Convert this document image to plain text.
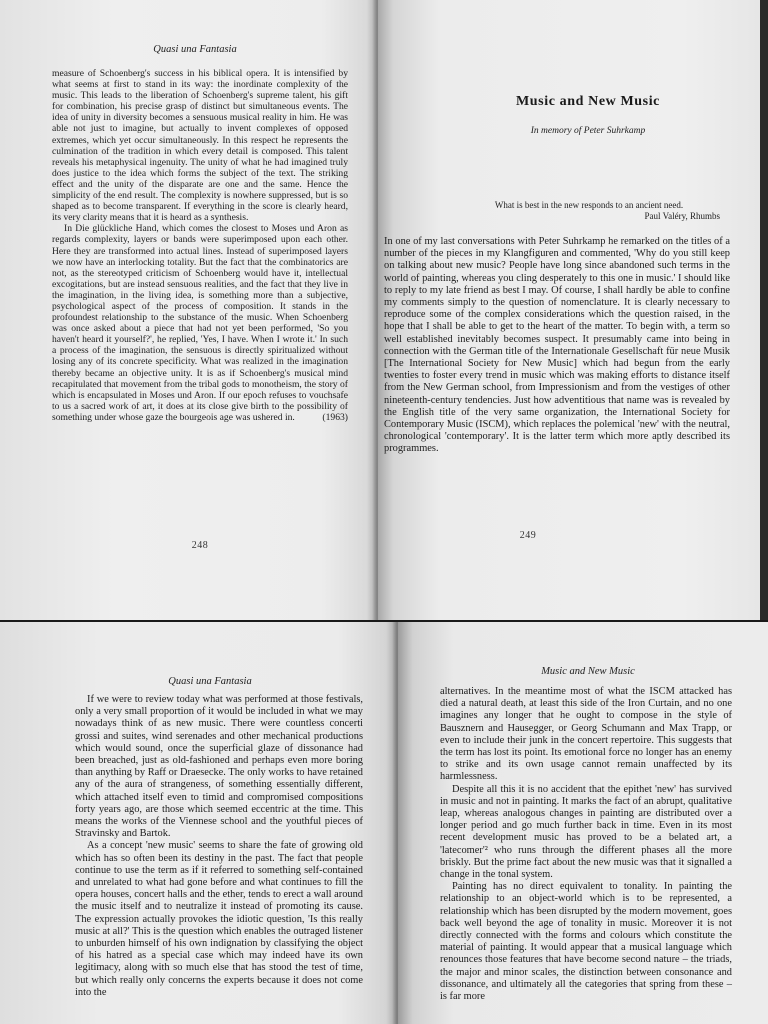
Quasi una Fantasia

measure of Schoenberg's success in his biblical opera. It is intensified by what seems at first to stand in its way: the inordinate complexity of the music. This leads to the liberation of Schoenberg's supreme talent, his gift for combination, his precise grasp of distinct but simultaneous events. The idea of unity in diversity becomes a sensuous musical reality in him. He was able not just to imagine, but actually to invent complexes of opposed extremes, which yet occur simultaneously. In this respect he represents the culmination of the tradition in which every detail is composed. This talent reveals his metaphysical ingenuity. The unity of what he had imagined truly does justice to the idea which forms the subject of the text. The striking effect and the unity of the disparate are one and the same. Hence the simplicity of the end result. The complexity is nowhere suppressed, but is so shaped as to become transparent. If everything in the score is clearly heard, its very clarity means that it is heard as a synthesis.

In Die glückliche Hand, which comes the closest to Moses und Aron as regards complexity, layers or bands were superimposed upon each other. Here they are transformed into actual lines. Instead of superimposed layers we now have an interlocking totality. But the fact that the combinatorics are not, as the stereotyped criticism of Schoenberg would have it, intellectual excogitations, but are instead sensuous realities, and the fact that they live in the imagination, in the living idea, is something more than a subjective, psychological aspect of the process of composition. It stands in the profoundest relationship to the substance of the music. When Schoenberg was once asked about a piece that had not yet been performed, 'So you haven't heard it yourself?', he replied, 'Yes, I have. When I wrote it.' In such a process of the imagination, the sensuous is directly spiritualized without losing any of its concrete specificity. What was realized in the imagination thereby became an objective unity. It is as if Schoenberg's musical mind recapitulated that movement from the tribal gods to monotheism, the story of which is encapsulated in Moses und Aron. If our epoch refuses to vouchsafe to us a sacred work of art, it does at its close give birth to the possibility of something under whose gaze the bourgeois age was ushered in.	(1963)

248
Music and New Music
In memory of Peter Suhrkamp
What is best in the new responds to an ancient need.
Paul Valéry, Rhumbs

In one of my last conversations with Peter Suhrkamp he remarked on the titles of a number of the pieces in my Klangfiguren and commented, 'Why do you still keep on talking about new music? People have long since abandoned such terms in the world of painting, whereas you cling desperately to this one in music.' I should like to reply to my late friend as best I may. Of course, I shall hardly be able to confine my comments simply to the question of nomenclature. It is clearly necessary to reproduce some of the complex considerations which the question raised, in the hope that I shall be able to get to the heart of the matter. To begin with, a term so well established inevitably becomes suspect. It presumably came into being in connection with the German title of the Internationale Gesellschaft für neue Musik [The International Society for New Music] which had begun from the early twenties to foster every trend in music which was making efforts to distance itself from the New German school, from Impressionism and from the vestiges of other nineteenth-century tendencies. Just how adventitious that name was is revealed by the English title of the very same organization, the International Society for Contemporary Music (ISCM), which replaces the polemical 'new' with the neutral, chronological 'contemporary'. It is the latter term which more aptly described its programmes.

249
Quasi una Fantasia

If we were to review today what was performed at those festivals, only a very small proportion of it would be included in what we may nowadays think of as new music. There were countless concerti grossi and suites, wind serenades and other mechanical productions which would sound, once the superficial glaze of dissonance had been breached, just as old-fashioned and perhaps even more boring than anything by Raff or Draesecke. The only works to have retained any of the aura of strangeness, of something essentially different, which attached itself even to timid and compromised compositions forty years ago, are those which seemed eccentric at the time. This means the works of the Viennese school and the youthful pieces of Stravinsky and Bartok.

As a concept 'new music' seems to share the fate of growing old which has so often been its destiny in the past. The fact that people continue to use the term as if it referred to something self-contained and unrelated to what had gone before and what continues to fill the opera houses, concert halls and the ether, tends to erect a wall around the music itself and to neutralize it instead of promoting its cause. The expression actually provokes the idiotic question, 'Is this really music at all?' This is the question which enables the outraged listener to unburden himself of his own indignation by classifying the object of his hatred as a special case which may indeed have its own legitimacy, along with so much else that has stood the test of time, but which really only concerns the experts because it does not come into the

Music and New Music

alternatives. In the meantime most of what the ISCM attacked has died a natural death, at least this side of the Iron Curtain, and no one imagines any longer that he ought to compose in the style of Bausznern and Hausegger, or Georg Schumann and Max Trapp, or even to include their junk in the concert repertoire. This suggests that the term has lost its point. Its emotional force no longer has an enemy to strike and its own usage cannot remain unaffected by its harmlessness.

Despite all this it is no accident that the epithet 'new' has survived in music and not in painting. It marks the fact of an abrupt, qualitative leap, whereas analogous changes in painting are distributed over a longer period and go much further back in time. Even in its most recent development music has proved to be a belated art, a 'latecomer'² who runs through the different phases all the more briskly. But the prime fact about the new music was that it signalled a change in the tonal system.

Painting has no direct equivalent to tonality. In painting the relationship to an object-world which is to be represented, a relationship which has been disrupted by the modern movement, goes back well beyond the age of tonality in music. Moreover it is not directly connected with the forms and colours which constitute the material of painting. It would appear that a musical language which renounces those features that have become second nature – the triads, the major and minor scales, the distinction between consonance and dissonance, and ultimately all the categories that spring from these – is far more
